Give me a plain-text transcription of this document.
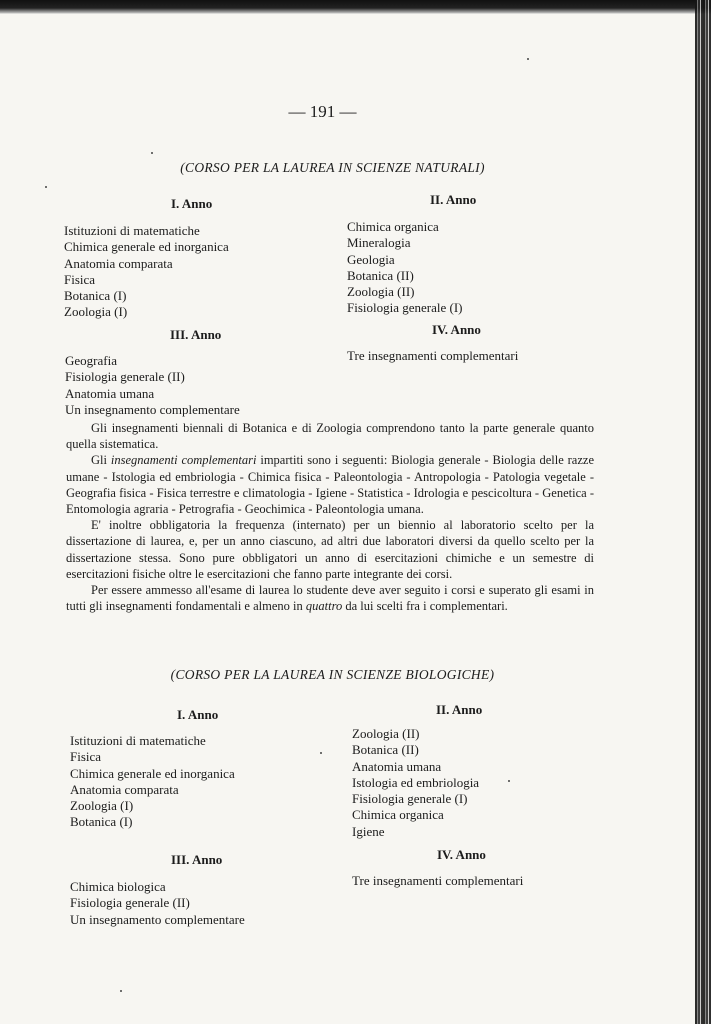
— 191 —
(CORSO PER LA LAUREA IN SCIENZE NATURALI)
I. Anno
Istituzioni di matematiche
Chimica generale ed inorganica
Anatomia comparata
Fisica
Botanica (I)
Zoologia (I)
II. Anno
Chimica organica
Mineralogia
Geologia
Botanica (II)
Zoologia (II)
Fisiologia generale (I)
III. Anno
Geografia
Fisiologia generale (II)
Anatomia umana
Un insegnamento complementare
IV. Anno
Tre insegnamenti complementari

Gli insegnamenti biennali di Botanica e di Zoologia comprendono tanto la parte generale quanto quella sistematica.

Gli insegnamenti complementari impartiti sono i seguenti: Biologia generale - Biologia delle razze umane - Istologia ed embriologia - Chimica fisica - Paleontologia - Antropologia - Patologia vegetale - Geografia fisica - Fisica terrestre e climatologia - Igiene - Statistica - Idrologia e pescicoltura - Genetica - Entomologia agraria - Petrografia - Geochimica - Paleontologia umana.

E' inoltre obbligatoria la frequenza (internato) per un biennio al laboratorio scelto per la dissertazione di laurea, e, per un anno ciascuno, ad altri due laboratori diversi da quello scelto per la dissertazione stessa. Sono pure obbligatori un anno di esercitazioni chimiche e un semestre di esercitazioni fisiche oltre le esercitazioni che fanno parte integrante dei corsi.

Per essere ammesso all'esame di laurea lo studente deve aver seguito i corsi e superato gli esami in tutti gli insegnamenti fondamentali e almeno in quattro da lui scelti fra i complementari.

(CORSO PER LA LAUREA IN SCIENZE BIOLOGICHE)
I. Anno
Istituzioni di matematiche
Fisica
Chimica generale ed inorganica
Anatomia comparata
Zoologia (I)
Botanica (I)
II. Anno
Zoologia (II)
Botanica (II)
Anatomia umana
Istologia ed embriologia
Fisiologia generale (I)
Chimica organica
Igiene
III. Anno
Chimica biologica
Fisiologia generale (II)
Un insegnamento complementare
IV. Anno
Tre insegnamenti complementari
